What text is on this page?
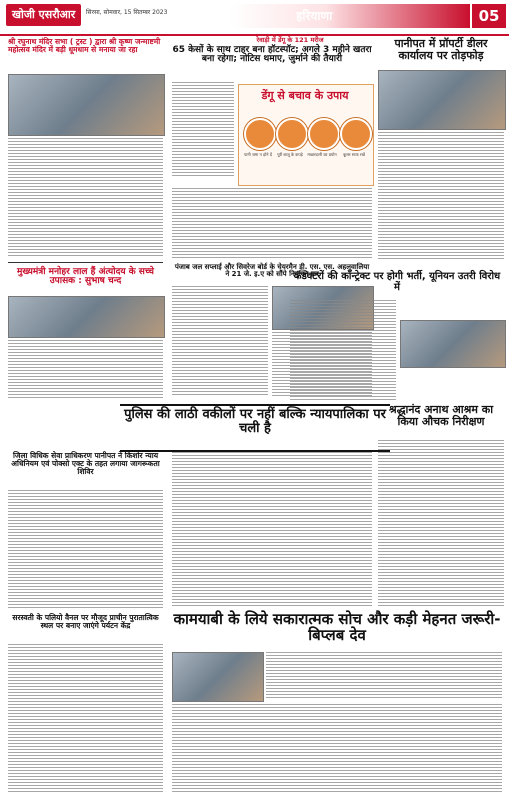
खोजी एसरौआर	सिरसा, सोमवार, 15 सितम्बर 2023	हरियाणा	05
श्री रघुनाथ मंदिर सभा ( ट्रस्ट ) द्वारा श्री कृष्ण जन्माष्टमी महोत्सव मंदिर में बड़ी धूमधाम से मनाया जा रहा
रेवाड़ी में डेंगू के 121 मरीज
65 केसों के साथ टाहर बना हॉटस्पॉट; अगले 3 महीने खतरा बना रहेगा; नोटिस थमाए, जुर्माने की तैयारी
डेंगू से बचाव के उपाय
पानी जमा न होने दें	पूरी बाजू के कपड़े	मच्छरदानी का प्रयोग	कूलर साफ रखें
पानीपत में प्रॉपर्टी डीलर कार्यालय पर तोड़फोड़
मुख्यमंत्री मनोहर लाल हैं अंत्योदय के सच्चे उपासक : सुभाष चन्द
पंजाब जल सप्लाई और सिवरेज बोर्ड के चेयरमैन डी. एस. एस. अहलूवालिया ने 21 जे. इ.ए को सौंपे नियुक्ति पत्र
कंडक्टरों की कॉन्ट्रेक्ट पर होगी भर्ती, यूनियन उतरी विरोध में
पुलिस की लाठी वकीलों पर नहीं बल्कि न्यायपालिका पर चली है
जिला विधिक सेवा प्राधिकरण पानीपत ने किशोर न्याय अधिनियम एवं पोक्सो एक्ट के तहत लगाया जागरूकता शिविर
श्रद्धानंद अनाथ आश्रम का किया औचक निरीक्षण
सरस्वती के पलियो वैनल पर मौजूद प्राचीन पुरातात्विक स्थल पर बनाए जाएंगे पर्यटन केंद्र	कामयाबी के लिये सकारात्मक सोच और कड़ी मेहनत जरूरी-बिप्लब देव
